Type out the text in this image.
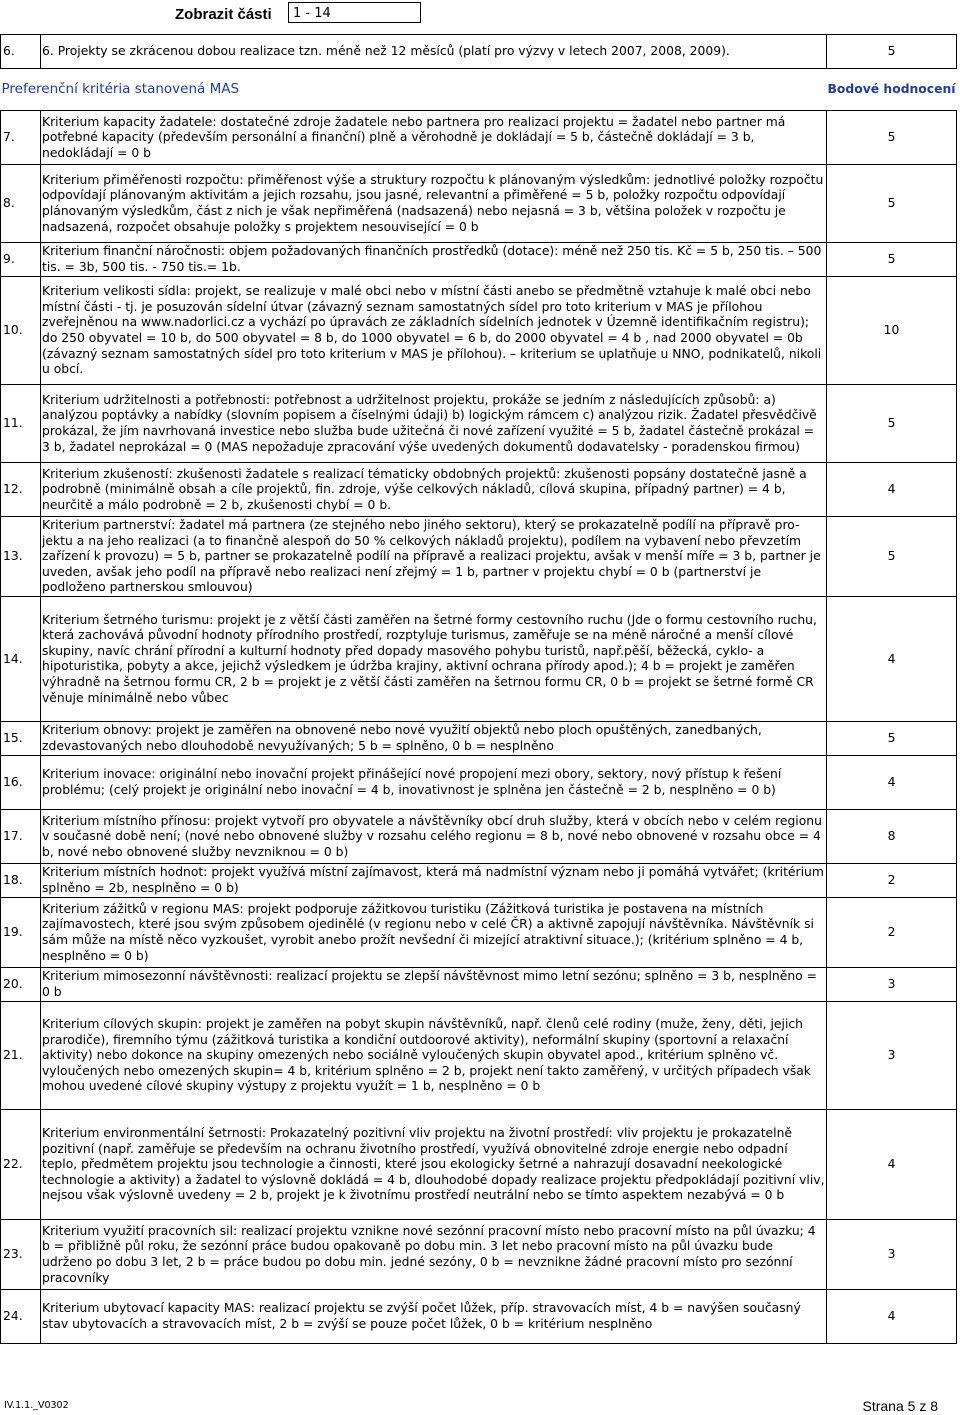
Zobrazit části	1 - 14
6.	6. Projekty se zkrácenou dobou realizace tzn. méně než 12 měsíců (platí pro výzvy v letech 2007, 2008, 2009).	5
Preferenční kritéria stanovená MAS		Bodové hodnocení
7.	Kriterium kapacity žadatele: dostatečné zdroje žadatele nebo partnera pro realizaci projektu = žadatel nebo partner má potřebné kapacity (především personální a finanční) plně a věrohodně je dokládají = 5 b, částečně dokládají = 3 b, nedokládají = 0 b	5
8.	Kriterium přiměřenosti rozpočtu: přiměřenost výše a struktury rozpočtu k plánovaným výsledkům: jednotlivé položky rozpočtu odpovídají plánovaným aktivitám a jejich rozsahu, jsou jasné, relevantní a přiměřené = 5 b, položky rozpočtu odpovídají plánovaným výsledkům, část z nich je však nepřiměřená (nadsazená) nebo nejasná = 3 b, většina položek v rozpočtu je nadsazená, rozpočet obsahuje položky s projektem nesouvisející = 0 b	5
9.	Kriterium finanční náročnosti: objem požadovaných finančních prostředků (dotace): méně než 250 tis. Kč = 5 b, 250 tis. – 500 tis. = 3b, 500 tis. - 750 tis.= 1b.	5
10.	Kriterium velikosti sídla: projekt, se realizuje v malé obci nebo v místní části anebo se předmětně vztahuje k malé obci nebo místní části - tj. je posuzován sídelní útvar (závazný seznam samostatných sídel pro toto kriterium v MAS je přílohou zveřejněnou na www.nadorlici.cz a vychází po úpravách ze základních sídelních jednotek v Územně identifikačním registru); do 250 obyvatel = 10 b, do 500 obyvatel = 8 b, do 1000 obyvatel = 6 b, do 2000 obyvatel = 4 b , nad 2000 obyvatel = 0b (závazný seznam samostatných sídel pro toto kriterium v MAS je přílohou). – kriterium se uplatňuje u NNO, podnikatelů, nikoli u obcí.	10
11.	Kriterium udržitelnosti a potřebnosti: potřebnost a udržitelnost projektu, prokáže se jedním z následujících způsobů: a) analýzou poptávky a nabídky (slovním popisem a číselnými údaji) b) logickým rámcem c) analýzou rizik. Žadatel přesvědčivě prokázal, že jím navrhovaná investice nebo služba bude užitečná či nové zařízení využité = 5 b, žadatel částečně prokázal = 3 b, žadatel neprokázal = 0 (MAS nepožaduje zpracování výše uvedených dokumentů dodavatelsky - poradenskou firmou)	5
12.	Kriterium zkušeností: zkušenosti žadatele s realizací tématicky obdobných projektů: zkušenosti popsány dostatečně jasně a podrobně (minimálně obsah a cíle projektů, fin. zdroje, výše celkových nákladů, cílová skupina, případný partner) = 4 b, neurčitě a málo podrobně = 2 b, zkušenosti chybí = 0 b.	4
13.	Kriterium partnerství: žadatel má partnera (ze stejného nebo jiného sektoru), který se prokazatelně podílí na přípravě pro-jektu a na jeho realizaci (a to finančně alespoň do 50 % celkových nákladů projektu), podílem na vybavení nebo převzetím zařízení k provozu) = 5 b, partner se prokazatelně podílí na přípravě a realizaci projektu, avšak v menší míře = 3 b, partner je uveden, avšak jeho podíl na přípravě nebo realizaci není zřejmý = 1 b, partner v projektu chybí = 0 b (partnerství je podloženo partnerskou smlouvou)	5
14.	Kriterium šetrného turismu: projekt je z větší části zaměřen na šetrné formy cestovního ruchu (Jde o formu cestovního ruchu, která zachovává původní hodnoty přírodního prostředí, rozptyluje turismus, zaměřuje se na méně náročné a menší cílové skupiny, navíc chrání přírodní a kulturní hodnoty před dopady masového pohybu turistů, např.pěší, běžecká, cyklo- a hipoturistika, pobyty a akce, jejichž výsledkem je údržba krajiny, aktivní ochrana přírody apod.); 4 b = projekt je zaměřen výhradně na šetrnou formu CR, 2 b = projekt je z větší části zaměřen na šetrnou formu CR, 0 b = projekt se šetrné formě CR věnuje minimálně nebo vůbec	4
15.	Kriterium obnovy: projekt je zaměřen na obnovené nebo nové využití objektů nebo ploch opuštěných, zanedbaných, zdevastovaných nebo dlouhodobě nevyužívaných; 5 b = splněno, 0 b = nesplněno	5
16.	Kriterium inovace: originální nebo inovační projekt přinášející nové propojení mezi obory, sektory, nový přístup k řešení problému; (celý projekt je originální nebo inovační = 4 b, inovativnost je splněna jen částečně = 2 b, nesplněno = 0 b)	4
17.	Kriterium místního přínosu: projekt vytvoří pro obyvatele a návštěvníky obcí druh služby, která v obcích nebo v celém regionu v současné době není; (nové nebo obnovené služby v rozsahu celého regionu = 8 b, nové nebo obnovené v rozsahu obce = 4 b, nové nebo obnovené služby nevzniknou = 0 b)	8
18.	Kriterium místních hodnot: projekt využívá místní zajímavost, která má nadmístní význam nebo ji pomáhá vytvářet; (kritérium splněno = 2b, nesplněno = 0 b)	2
19.	Kriterium zážitků v regionu MAS: projekt podporuje zážitkovou turistiku (Zážitková turistika je postavena na místních zajímavostech, které jsou svým způsobem ojedinělé (v regionu nebo v celé ČR) a aktivně zapojují návštěvníka. Návštěvník si sám může na místě něco vyzkoušet, vyrobit anebo prožít nevšední či mizející atraktivní situace.); (kritérium splněno = 4 b, nesplněno = 0 b)	2
20.	Kriterium mimosezonní návštěvnosti: realizací projektu se zlepší návštěvnost mimo letní sezónu; splněno = 3 b, nesplněno = 0 b	3
21.	Kriterium cílových skupin: projekt je zaměřen na pobyt skupin návštěvníků, např. členů celé rodiny (muže, ženy, děti, jejich prarodiče), firemního týmu (zážitková turistika a kondiční outdoorové aktivity), neformální skupiny (sportovní a relaxační aktivity) nebo dokonce na skupiny omezených nebo sociálně vyloučených skupin obyvatel apod., kritérium splněno vč. vyloučených nebo omezených skupin= 4 b, kritérium splněno = 2 b, projekt není takto zaměřený, v určitých případech však mohou uvedené cílové skupiny výstupy z projektu využít = 1 b, nesplněno = 0 b	3
22.	Kriterium environmentální šetrnosti: Prokazatelný pozitivní vliv projektu na životní prostředí: vliv projektu je prokazatelně pozitivní (např. zaměřuje se především na ochranu životního prostředí, využívá obnovitelné zdroje energie nebo odpadní teplo, předmětem projektu jsou technologie a činnosti, které jsou ekologicky šetrné a nahrazují dosavadní neekologické technologie a aktivity) a žadatel to výslovně dokládá = 4 b, dlouhodobé dopady realizace projektu předpokládají pozitivní vliv, nejsou však výslovně uvedeny = 2 b, projekt je k životnímu prostředí neutrální nebo se tímto aspektem nezabývá = 0 b	4
23.	Kriterium využití pracovních sil: realizací projektu vznikne nové sezónní pracovní místo nebo pracovní místo na půl úvazku; 4 b = přibližně půl roku, že sezónní práce budou opakovaně po dobu min. 3 let nebo pracovní místo na půl úvazku bude udrženo po dobu 3 let, 2 b = práce budou po dobu min. jedné sezóny, 0 b = nevznikne žádné pracovní místo pro sezónní pracovníky	3
24.	Kriterium ubytovací kapacity MAS: realizací projektu se zvýší počet lůžek, příp. stravovacích míst, 4 b = navýšen současný stav ubytovacích a stravovacích míst, 2 b = zvýší se pouze počet lůžek, 0 b = kritérium nesplněno	4
IV.1.1._V0302	Strana 5 z 8
